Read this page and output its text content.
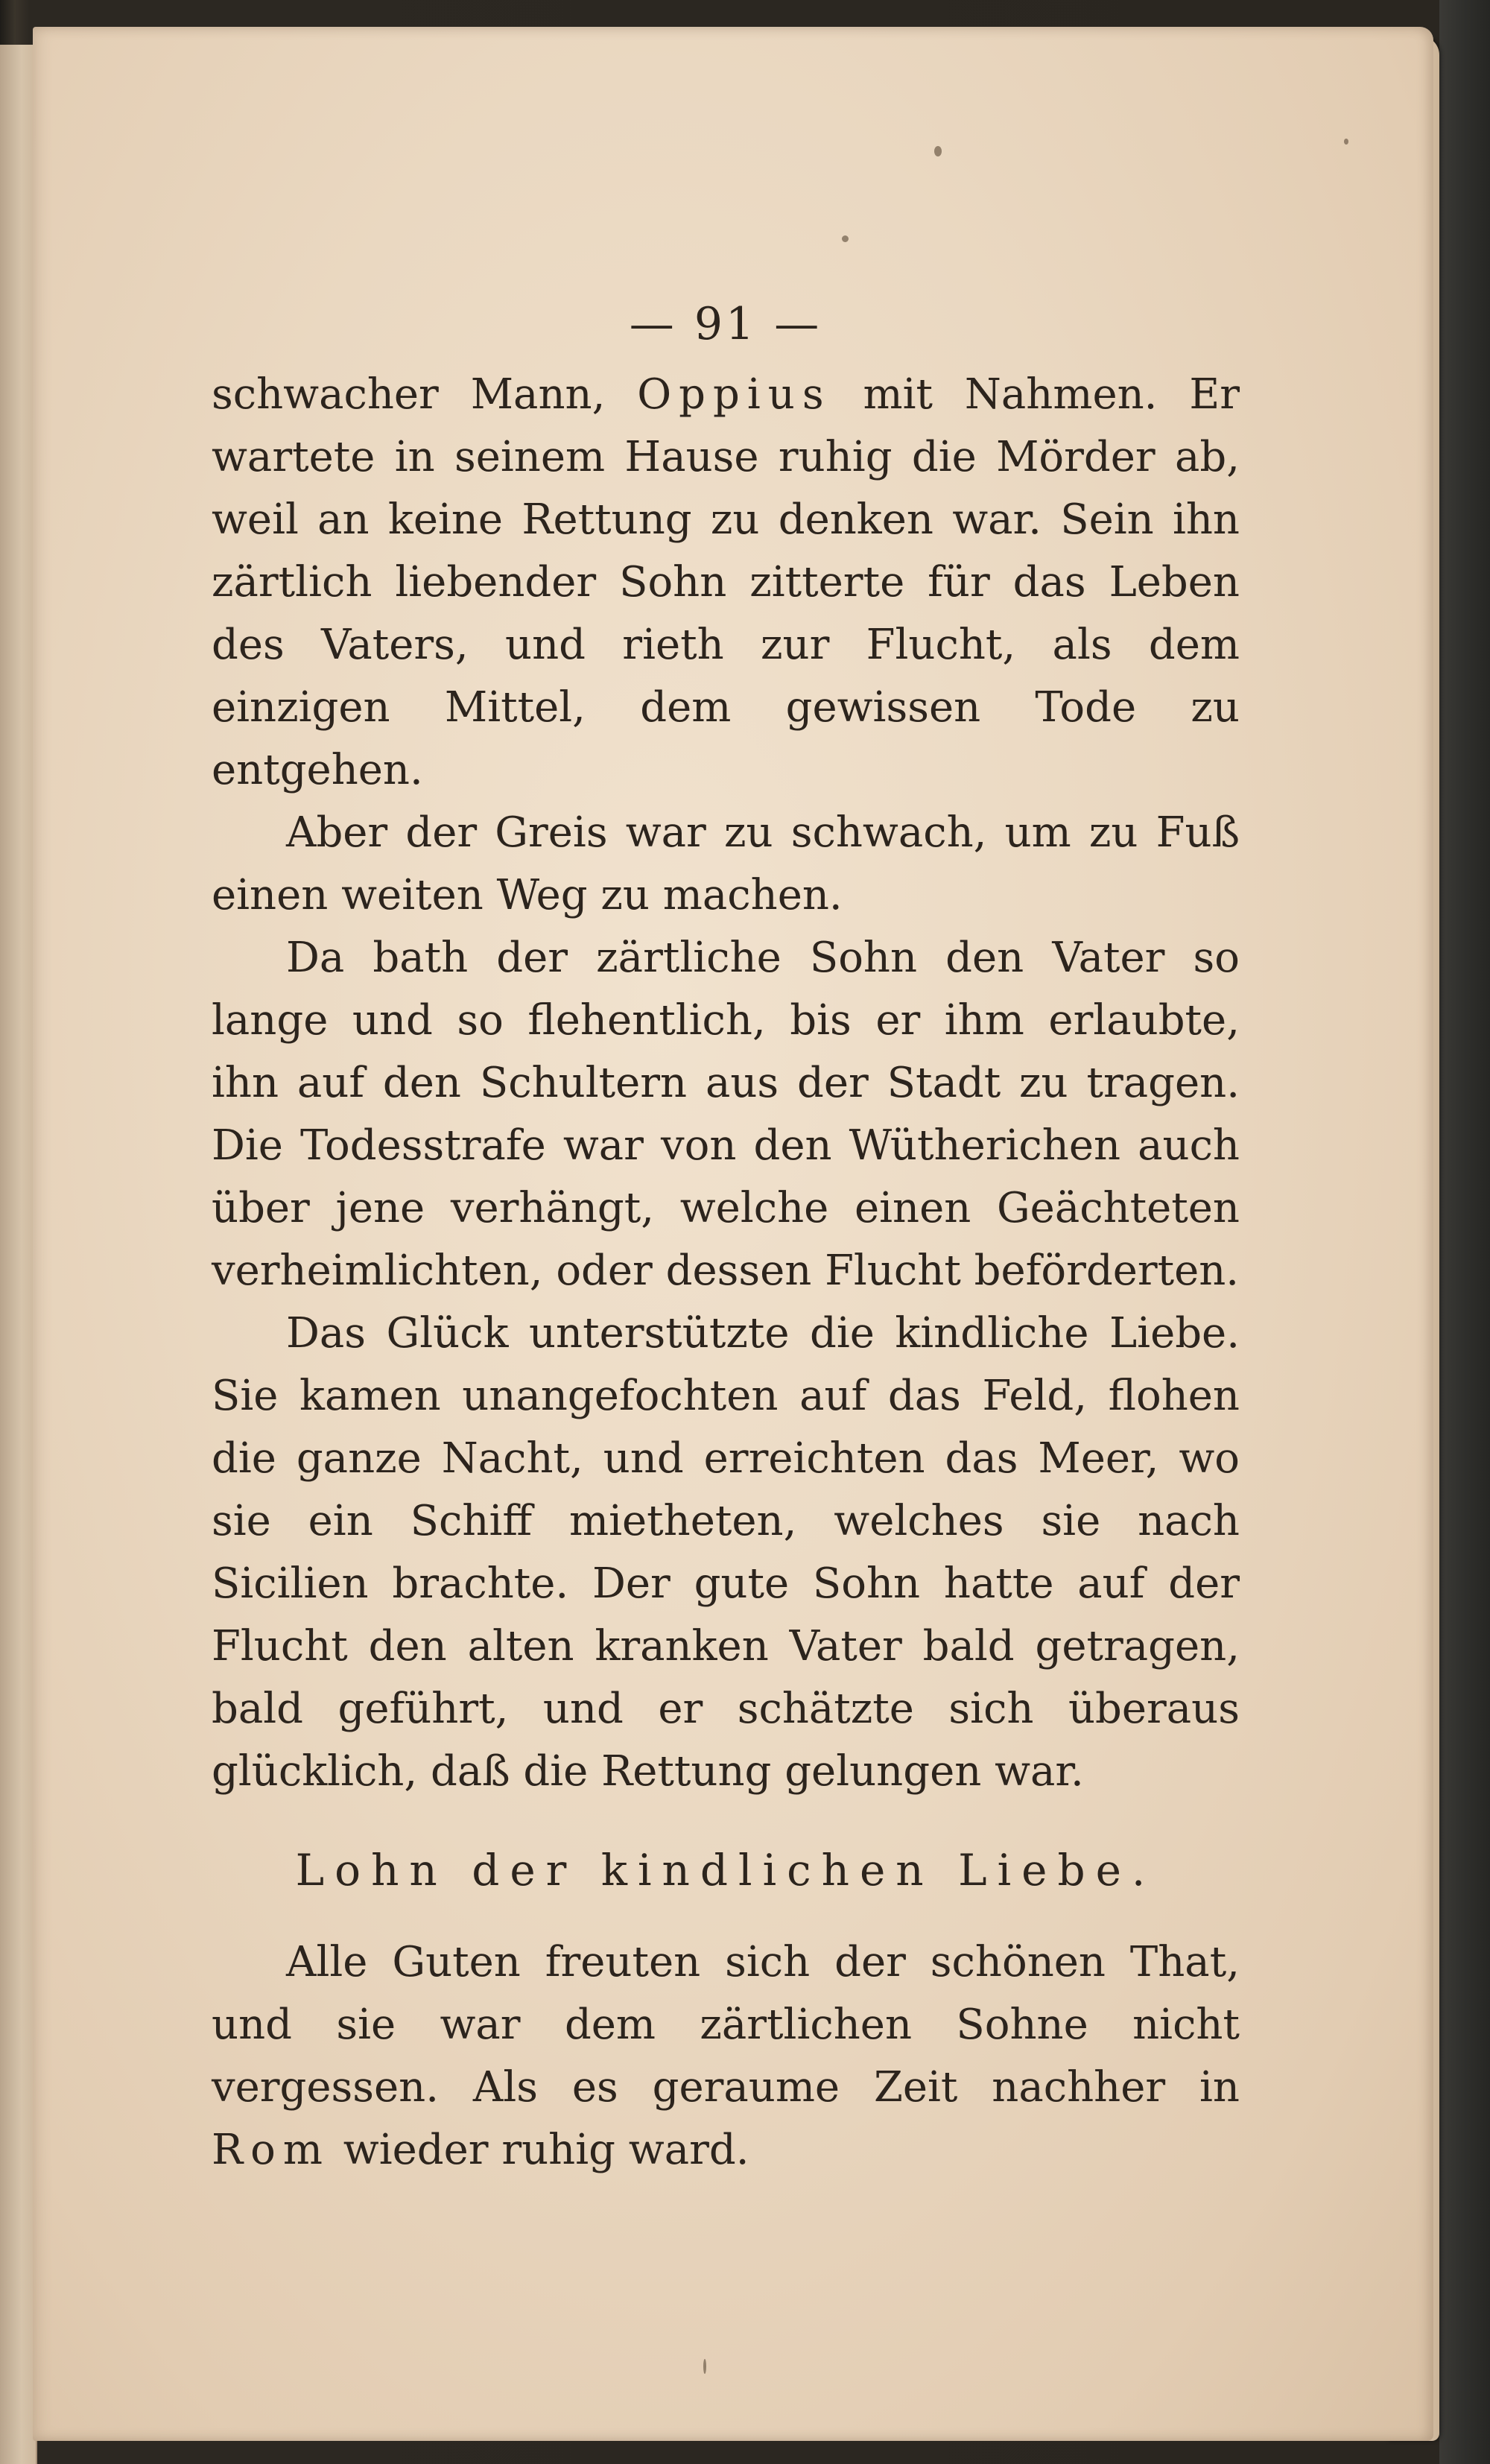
— 91 —

schwacher Mann, Oppius mit Nahmen. Er wartete in seinem Hause ruhig die Mörder ab, weil an keine Rettung zu denken war. Sein ihn zärtlich liebender Sohn zitterte für das Leben des Vaters, und rieth zur Flucht, als dem einzigen Mittel, dem gewissen Tode zu entgehen.

Aber der Greis war zu schwach, um zu Fuß einen weiten Weg zu machen.

Da bath der zärtliche Sohn den Vater so lange und so flehentlich, bis er ihm erlaubte, ihn auf den Schultern aus der Stadt zu tragen. Die Todesstrafe war von den Wütherichen auch über jene verhängt, welche einen Geächteten verheimlichten, oder dessen Flucht beförderten.

Das Glück unterstützte die kindliche Liebe. Sie kamen unangefochten auf das Feld, flohen die ganze Nacht, und erreichten das Meer, wo sie ein Schiff mietheten, welches sie nach Sicilien brachte. Der gute Sohn hatte auf der Flucht den alten kranken Vater bald getragen, bald geführt, und er schätzte sich überaus glücklich, daß die Rettung gelungen war.

Lohn der kindlichen Liebe.

Alle Guten freuten sich der schönen That, und sie war dem zärtlichen Sohne nicht vergessen. Als es geraume Zeit nachher in Rom wieder ruhig ward.
